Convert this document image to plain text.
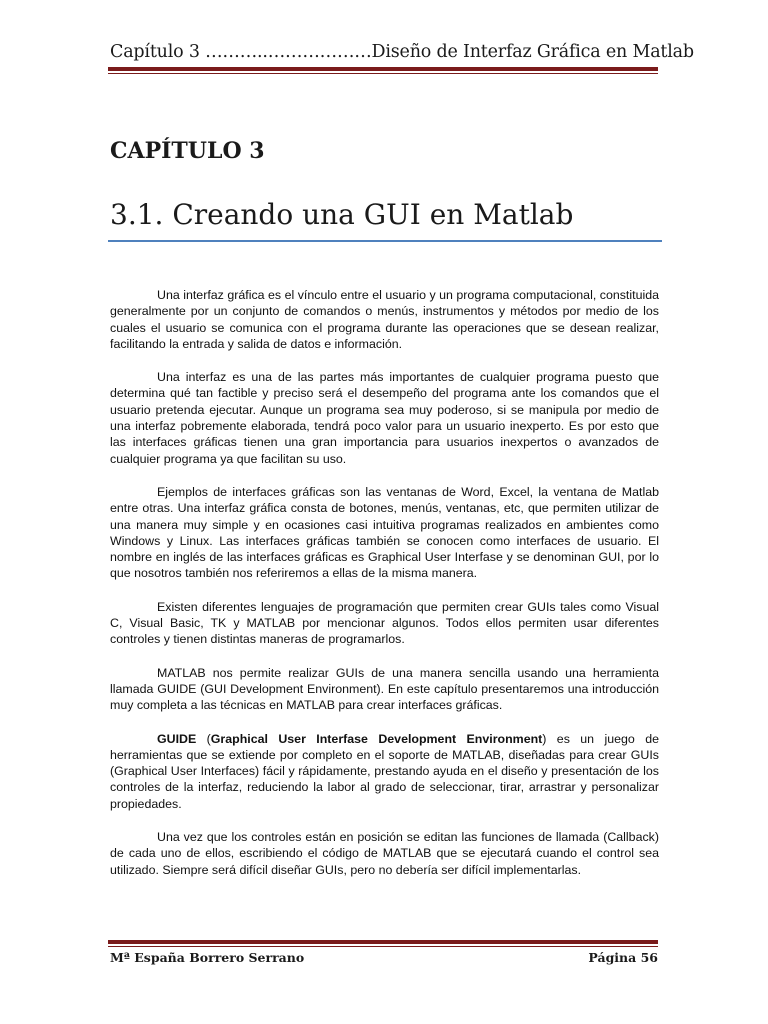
Capítulo 3 ………..………………Diseño de Interfaz Gráfica en Matlab
CAPÍTULO 3
3.1. Creando una GUI en Matlab

Una interfaz gráfica es el vínculo entre el usuario y un programa computacional, constituida generalmente por un conjunto de comandos o menús, instrumentos y métodos por medio de los cuales el usuario se comunica con el programa durante las operaciones que se desean realizar, facilitando la entrada y salida de datos e información.

Una interfaz es una de las partes más importantes de cualquier programa puesto que determina qué tan factible y preciso será el desempeño del programa ante los comandos que el usuario pretenda ejecutar. Aunque un programa sea muy poderoso, si se manipula por medio de una interfaz pobremente elaborada, tendrá poco valor para un usuario inexperto. Es por esto que las interfaces gráficas tienen una gran importancia para usuarios inexpertos o avanzados de cualquier programa ya que facilitan su uso.

Ejemplos de interfaces gráficas son las ventanas de Word, Excel, la ventana de Matlab entre otras. Una interfaz gráfica consta de botones, menús, ventanas, etc, que permiten utilizar de una manera muy simple y en ocasiones casi intuitiva programas realizados en ambientes como Windows y Linux. Las interfaces gráficas también se conocen como interfaces de usuario. El nombre en inglés de las interfaces gráficas es Graphical User Interfase y se denominan GUI, por lo que nosotros también nos referiremos a ellas de la misma manera.

Existen diferentes lenguajes de programación que permiten crear GUIs tales como Visual C, Visual Basic, TK y MATLAB por mencionar algunos. Todos ellos permiten usar diferentes controles y tienen distintas maneras de programarlos.

MATLAB nos permite realizar GUIs de una manera sencilla usando una herramienta llamada GUIDE (GUI Development Environment). En este capítulo presentaremos una introducción muy completa a las técnicas en MATLAB para crear interfaces gráficas.

GUIDE (Graphical User Interfase Development Environment) es un juego de herramientas que se extiende por completo en el soporte de MATLAB, diseñadas para crear GUIs (Graphical User Interfaces) fácil y rápidamente, prestando ayuda en el diseño y presentación de los controles de la interfaz, reduciendo la labor al grado de seleccionar, tirar, arrastrar y personalizar propiedades.

Una vez que los controles están en posición se editan las funciones de llamada (Callback) de cada uno de ellos, escribiendo el código de MATLAB que se ejecutará cuando el control sea utilizado. Siempre será difícil diseñar GUIs, pero no debería ser difícil implementarlas.

Mª España Borrero Serrano	Página 56
